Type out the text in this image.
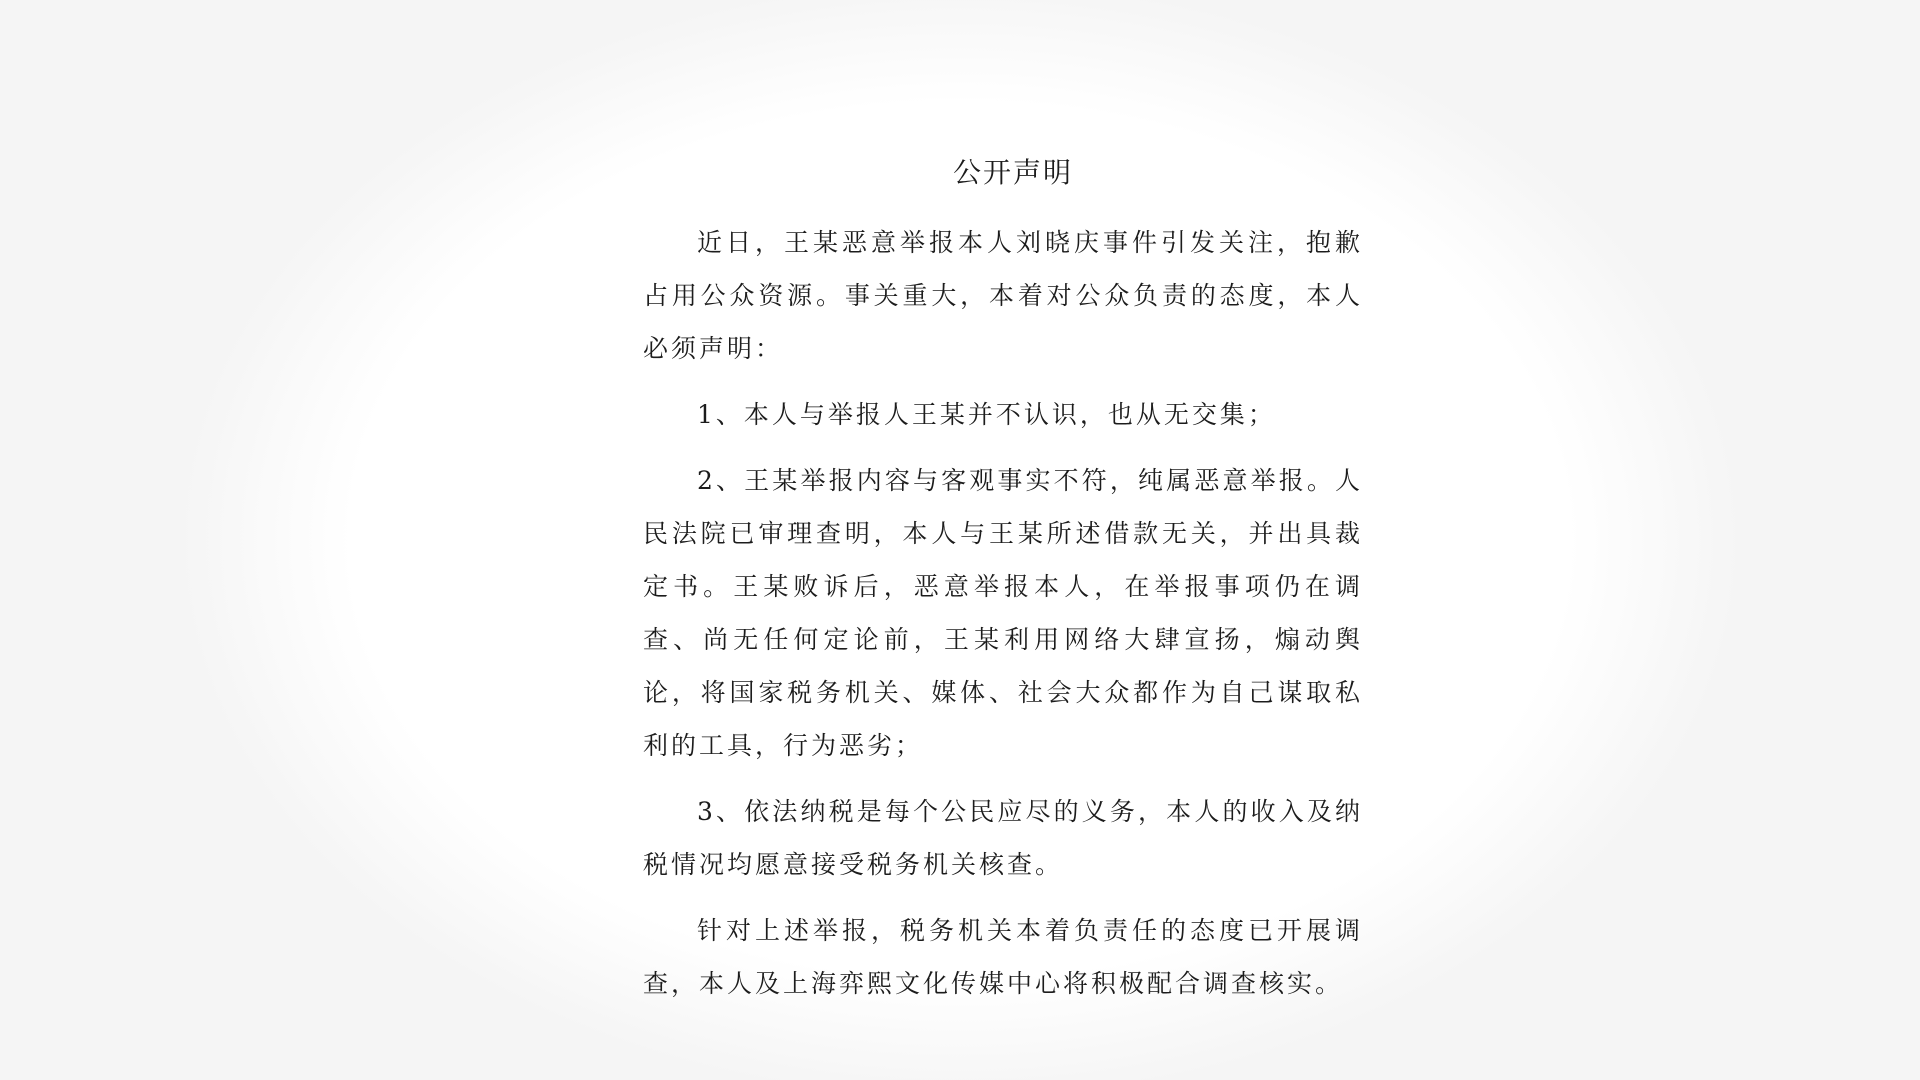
公开声明

近日，王某恶意举报本人刘晓庆事件引发关注，抱歉占用公众资源。事关重大，本着对公众负责的态度，本人必须声明：

1、本人与举报人王某并不认识，也从无交集；

2、王某举报内容与客观事实不符，纯属恶意举报。人民法院已审理查明，本人与王某所述借款无关，并出具裁定书。王某败诉后，恶意举报本人，在举报事项仍在调查、尚无任何定论前，王某利用网络大肆宣扬，煽动舆论，将国家税务机关、媒体、社会大众都作为自己谋取私利的工具，行为恶劣；

3、依法纳税是每个公民应尽的义务，本人的收入及纳税情况均愿意接受税务机关核查。

针对上述举报，税务机关本着负责任的态度已开展调查，本人及上海弈熙文化传媒中心将积极配合调查核实。
